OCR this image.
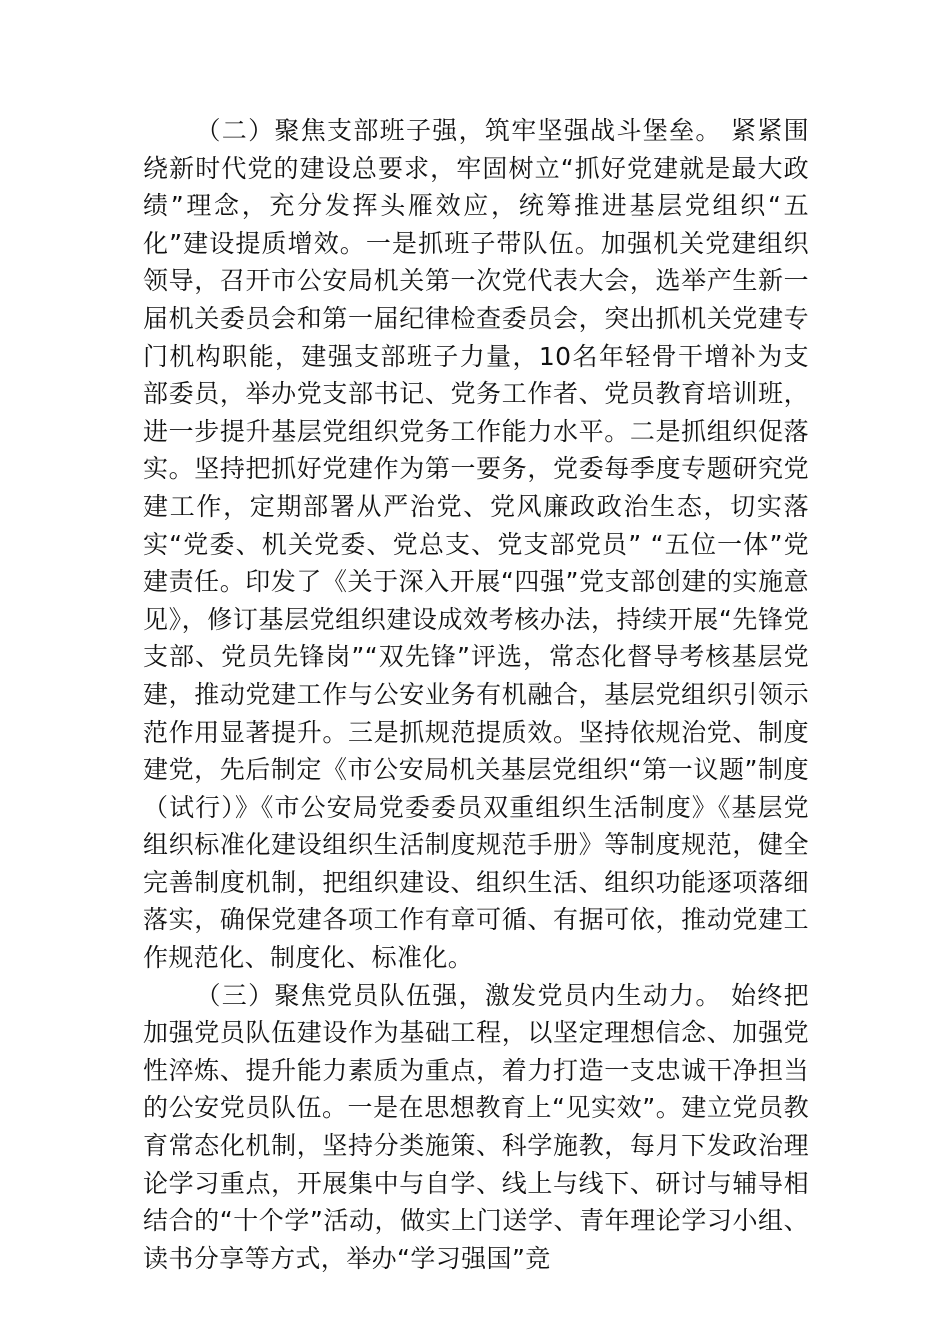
（二）聚焦支部班子强，筑牢坚强战斗堡垒。 紧紧围绕新时代党的建设总要求，牢固树立“抓好党建就是最大政绩”理念，充分发挥头雁效应，统筹推进基层党组织“五化”建设提质增效。一是抓班子带队伍。加强机关党建组织领导，召开市公安局机关第一次党代表大会，选举产生新一届机关委员会和第一届纪律检查委员会，突出抓机关党建专门机构职能，建强支部班子力量，10名年轻骨干增补为支部委员，举办党支部书记、党务工作者、党员教育培训班，进一步提升基层党组织党务工作能力水平。二是抓组织促落实。坚持把抓好党建作为第一要务，党委每季度专题研究党建工作，定期部署从严治党、党风廉政政治生态，切实落实“党委、机关党委、党总支、党支部党员” “五位一体”党建责任。印发了《关于深入开展“四强”党支部创建的实施意见》，修订基层党组织建设成效考核办法，持续开展“先锋党支部、党员先锋岗”“双先锋”评选，常态化督导考核基层党建，推动党建工作与公安业务有机融合，基层党组织引领示范作用显著提升。三是抓规范提质效。坚持依规治党、制度建党，先后制定《市公安局机关基层党组织“第一议题”制度（试行）》《市公安局党委委员双重组织生活制度》《基层党组织标准化建设组织生活制度规范手册》等制度规范，健全完善制度机制，把组织建设、组织生活、组织功能逐项落细落实，确保党建各项工作有章可循、有据可依，推动党建工作规范化、制度化、标准化。

（三）聚焦党员队伍强，激发党员内生动力。 始终把加强党员队伍建设作为基础工程，以坚定理想信念、加强党性淬炼、提升能力素质为重点，着力打造一支忠诚干净担当的公安党员队伍。一是在思想教育上“见实效”。建立党员教育常态化机制，坚持分类施策、科学施教，每月下发政治理论学习重点，开展集中与自学、线上与线下、研讨与辅导相结合的“十个学”活动，做实上门送学、青年理论学习小组、读书分享等方式，举办“学习强国”竞
